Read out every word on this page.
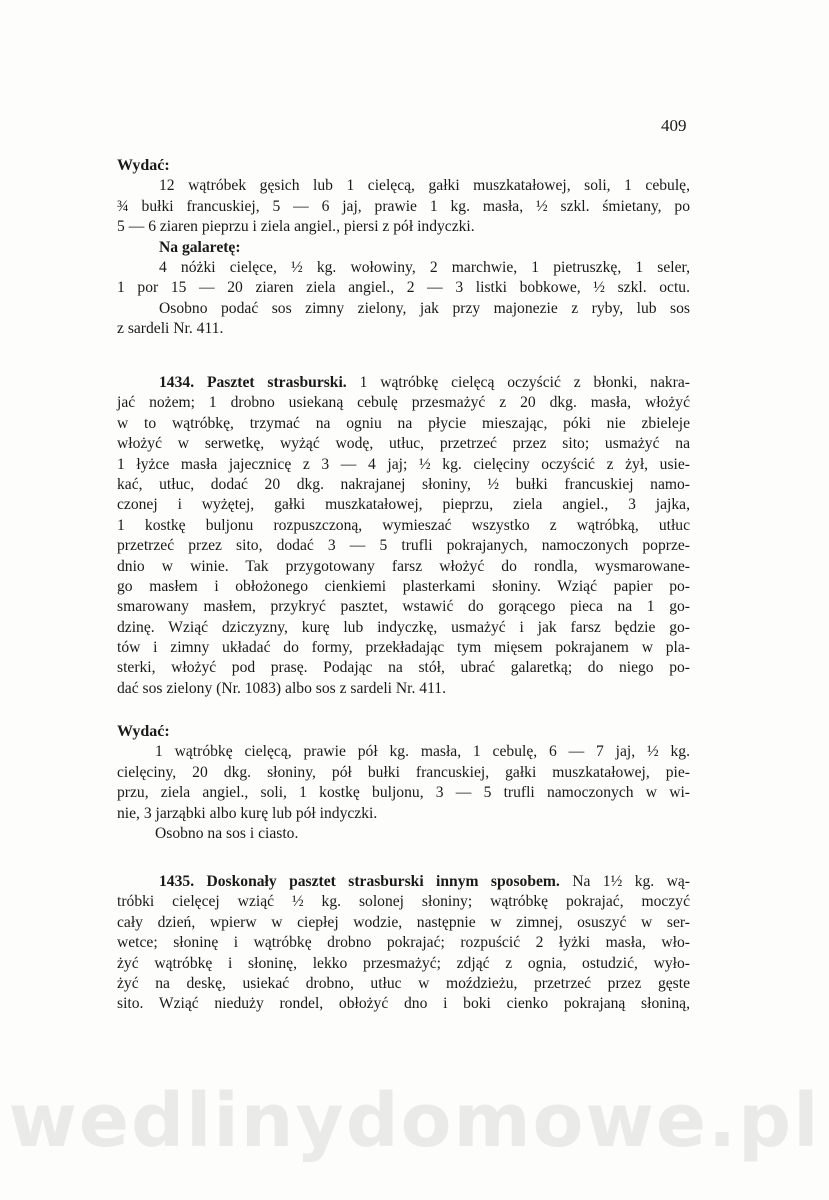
409
Wydać:
12 wątróbek gęsich lub 1 cielęcą, gałki muszkatałowej, soli, 1 cebulę,
¾ bułki francuskiej, 5 — 6 jaj, prawie 1 kg. masła, ½ szkl. śmietany, po
5 — 6 ziaren pieprzu i ziela angiel., piersi z pół indyczki.
Na galaretę:
4 nóżki cielęce, ½ kg. wołowiny, 2 marchwie, 1 pietruszkę, 1 seler,
1 por 15 — 20 ziaren ziela angiel., 2 — 3 listki bobkowe, ½ szkl. octu.
Osobno podać sos zimny zielony, jak przy majonezie z ryby, lub sos
z sardeli Nr. 411.
1434. Pasztet strasburski. 1 wątróbkę cielęcą oczyścić z błonki, nakra-
jać nożem; 1 drobno usiekaną cebulę przesmażyć z 20 dkg. masła, włożyć
w to wątróbkę, trzymać na ogniu na płycie mieszając, póki nie zbieleje
włożyć w serwetkę, wyżąć wodę, utłuc, przetrzeć przez sito; usmażyć na
1 łyżce masła jajecznicę z 3 — 4 jaj; ½ kg. cielęciny oczyścić z żył, usie-
kać, utłuc, dodać 20 dkg. nakrajanej słoniny, ½ bułki francuskiej namo-
czonej i wyżętej, gałki muszkatałowej, pieprzu, ziela angiel., 3 jajka,
1 kostkę buljonu rozpuszczoną, wymieszać wszystko z wątróbką, utłuc
przetrzeć przez sito, dodać 3 — 5 trufli pokrajanych, namoczonych poprze-
dnio w winie. Tak przygotowany farsz włożyć do rondla, wysmarowane-
go masłem i obłożonego cienkiemi plasterkami słoniny. Wziąć papier po-
smarowany masłem, przykryć pasztet, wstawić do gorącego pieca na 1 go-
dzinę. Wziąć dziczyzny, kurę lub indyczkę, usmażyć i jak farsz będzie go-
tów i zimny układać do formy, przekładając tym mięsem pokrajanem w pla-
sterki, włożyć pod prasę. Podając na stół, ubrać galaretką; do niego po-
dać sos zielony (Nr. 1083) albo sos z sardeli Nr. 411.
Wydać:
1 wątróbkę cielęcą, prawie pół kg. masła, 1 cebulę, 6 — 7 jaj, ½ kg.
cielęciny, 20 dkg. słoniny, pół bułki francuskiej, gałki muszkatałowej, pie-
przu, ziela angiel., soli, 1 kostkę buljonu, 3 — 5 trufli namoczonych w wi-
nie, 3 jarząbki albo kurę lub pół indyczki.
Osobno na sos i ciasto.
1435. Doskonały pasztet strasburski innym sposobem. Na 1½ kg. wą-
tróbki cielęcej wziąć ½ kg. solonej słoniny; wątróbkę pokrajać, moczyć
cały dzień, wpierw w ciepłej wodzie, następnie w zimnej, osuszyć w ser-
wetce; słoninę i wątróbkę drobno pokrajać; rozpuścić 2 łyżki masła, wło-
żyć wątróbkę i słoninę, lekko przesmażyć; zdjąć z ognia, ostudzić, wyło-
żyć na deskę, usiekać drobno, utłuc w moździeżu, przetrzeć przez gęste
sito. Wziąć nieduży rondel, obłożyć dno i boki cienko pokrajaną słoniną,
wedlinydomowe.pl
